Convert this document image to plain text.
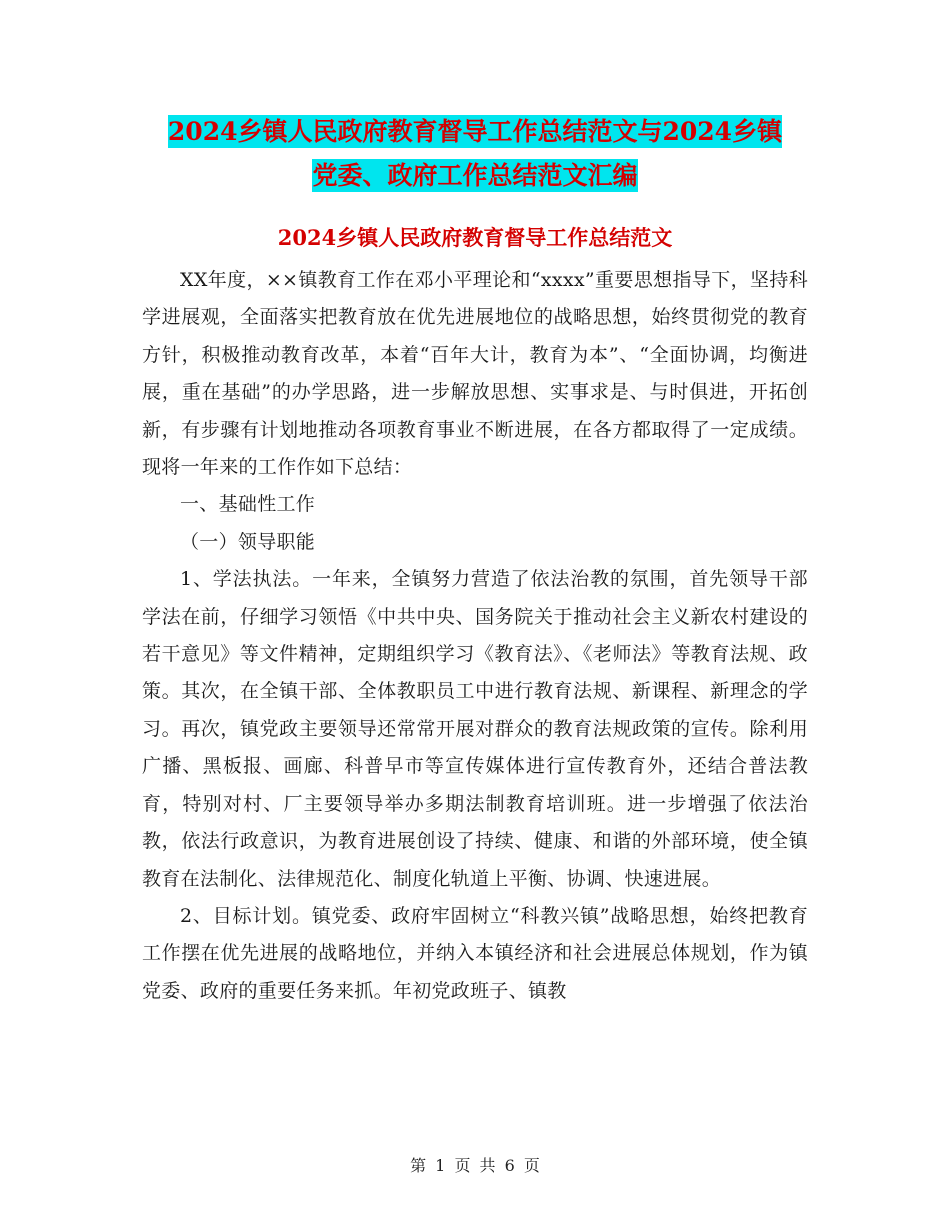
2024乡镇人民政府教育督导工作总结范文与2024乡镇
党委、政府工作总结范文汇编
2024乡镇人民政府教育督导工作总结范文

XX年度，××镇教育工作在邓小平理论和“xxxx”重要思想指导下，坚持科学进展观，全面落实把教育放在优先进展地位的战略思想，始终贯彻党的教育方针，积极推动教育改革，本着“百年大计，教育为本”、“全面协调，均衡进展，重在基础”的办学思路，进一步解放思想、实事求是、与时俱进，开拓创新，有步骤有计划地推动各项教育事业不断进展，在各方都取得了一定成绩。现将一年来的工作作如下总结：

一、基础性工作

（一）领导职能

1、学法执法。一年来，全镇努力营造了依法治教的氛围，首先领导干部学法在前，仔细学习领悟《中共中央、国务院关于推动社会主义新农村建设的若干意见》等文件精神，定期组织学习《教育法》、《老师法》等教育法规、政策。其次，在全镇干部、全体教职员工中进行教育法规、新课程、新理念的学习。再次，镇党政主要领导还常常开展对群众的教育法规政策的宣传。除利用广播、黑板报、画廊、科普早市等宣传媒体进行宣传教育外，还结合普法教育，特别对村、厂主要领导举办多期法制教育培训班。进一步增强了依法治教，依法行政意识，为教育进展创设了持续、健康、和谐的外部环境，使全镇教育在法制化、法律规范化、制度化轨道上平衡、协调、快速进展。

2、目标计划。镇党委、政府牢固树立“科教兴镇”战略思想，始终把教育工作摆在优先进展的战略地位，并纳入本镇经济和社会进展总体规划，作为镇党委、政府的重要任务来抓。年初党政班子、镇教

第 1 页 共 6 页
